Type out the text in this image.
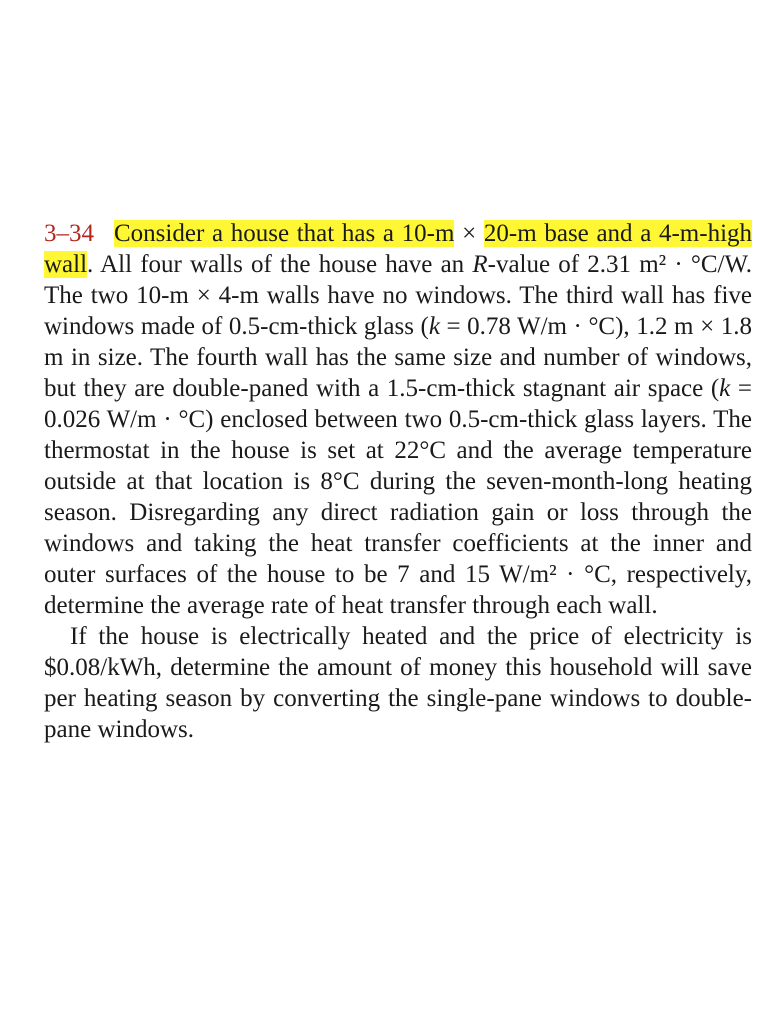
3–34 Consider a house that has a 10-m × 20-m base and a 4-m-high wall. All four walls of the house have an R-value of 2.31 m² · °C/W. The two 10-m × 4-m walls have no windows. The third wall has five windows made of 0.5-cm-thick glass (k = 0.78 W/m · °C), 1.2 m × 1.8 m in size. The fourth wall has the same size and number of windows, but they are double-paned with a 1.5-cm-thick stagnant air space (k = 0.026 W/m · °C) enclosed between two 0.5-cm-thick glass layers. The thermostat in the house is set at 22°C and the average temperature outside at that location is 8°C during the seven-month-long heating season. Disregarding any direct radiation gain or loss through the windows and taking the heat transfer coefficients at the inner and outer surfaces of the house to be 7 and 15 W/m² · °C, respectively, determine the average rate of heat transfer through each wall.

If the house is electrically heated and the price of electricity is $0.08/kWh, determine the amount of money this household will save per heating season by converting the single-pane windows to double-pane windows.
